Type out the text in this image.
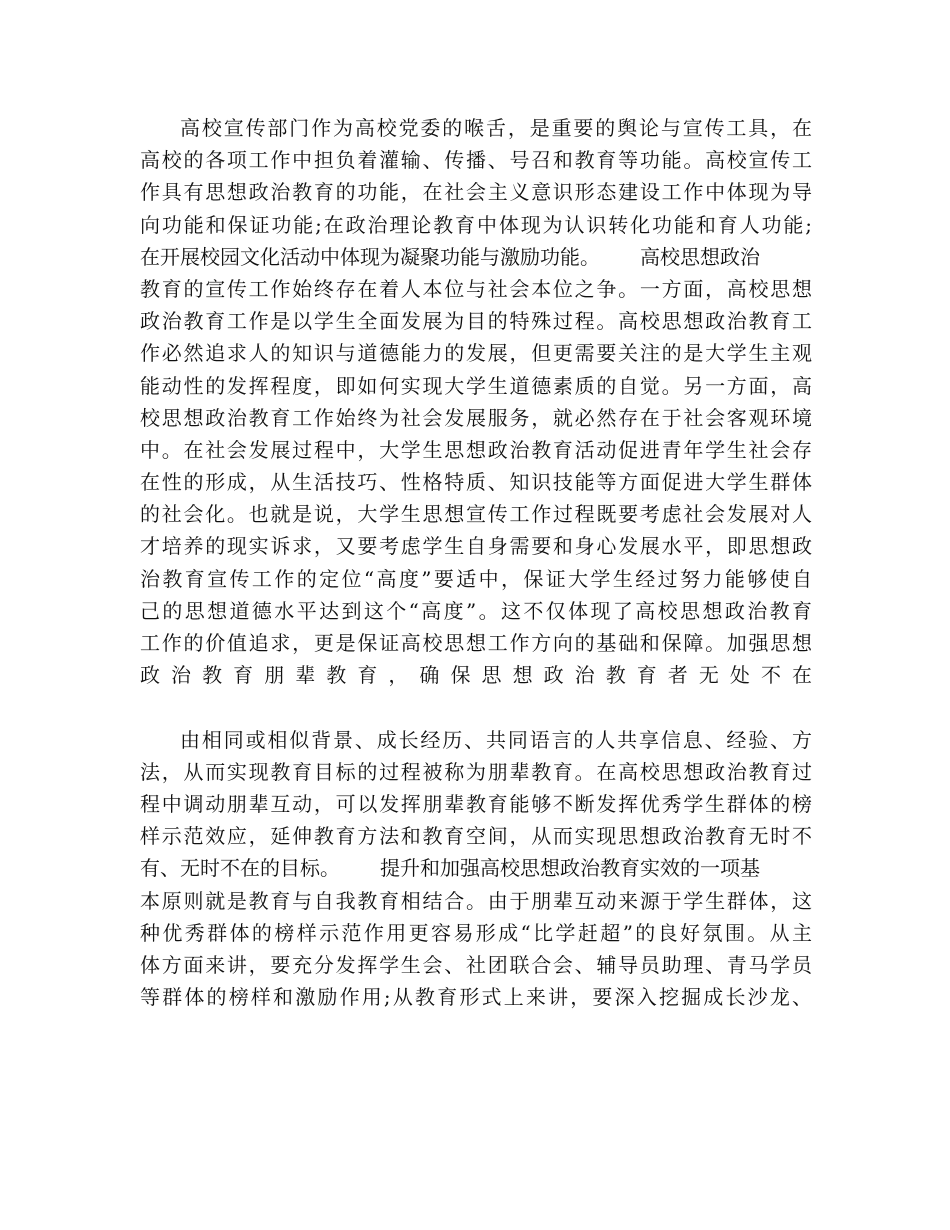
高校宣传部门作为高校党委的喉舌，是重要的舆论与宣传工具，在
高校的各项工作中担负着灌输、传播、号召和教育等功能。高校宣传工
作具有思想政治教育的功能，在社会主义意识形态建设工作中体现为导
向功能和保证功能;在政治理论教育中体现为认识转化功能和育人功能;
在开展校园文化活动中体现为凝聚功能与激励功能。 高校思想政治
教育的宣传工作始终存在着人本位与社会本位之争。一方面，高校思想
政治教育工作是以学生全面发展为目的特殊过程。高校思想政治教育工
作必然追求人的知识与道德能力的发展，但更需要关注的是大学生主观
能动性的发挥程度，即如何实现大学生道德素质的自觉。另一方面，高
校思想政治教育工作始终为社会发展服务，就必然存在于社会客观环境
中。在社会发展过程中，大学生思想政治教育活动促进青年学生社会存
在性的形成，从生活技巧、性格特质、知识技能等方面促进大学生群体
的社会化。也就是说，大学生思想宣传工作过程既要考虑社会发展对人
才培养的现实诉求，又要考虑学生自身需要和身心发展水平，即思想政
治教育宣传工作的定位“高度”要适中，保证大学生经过努力能够使自
己的思想道德水平达到这个“高度”。这不仅体现了高校思想政治教育
工作的价值追求，更是保证高校思想工作方向的基础和保障。加强思想
政治教育朋辈教育，确保思想政治教育者无处不在
由相同或相似背景、成长经历、共同语言的人共享信息、经验、方
法，从而实现教育目标的过程被称为朋辈教育。在高校思想政治教育过
程中调动朋辈互动，可以发挥朋辈教育能够不断发挥优秀学生群体的榜
样示范效应，延伸教育方法和教育空间，从而实现思想政治教育无时不
有、无时不在的目标。 提升和加强高校思想政治教育实效的一项基
本原则就是教育与自我教育相结合。由于朋辈互动来源于学生群体，这
种优秀群体的榜样示范作用更容易形成“比学赶超”的良好氛围。从主
体方面来讲，要充分发挥学生会、社团联合会、辅导员助理、青马学员
等群体的榜样和激励作用;从教育形式上来讲，要深入挖掘成长沙龙、
